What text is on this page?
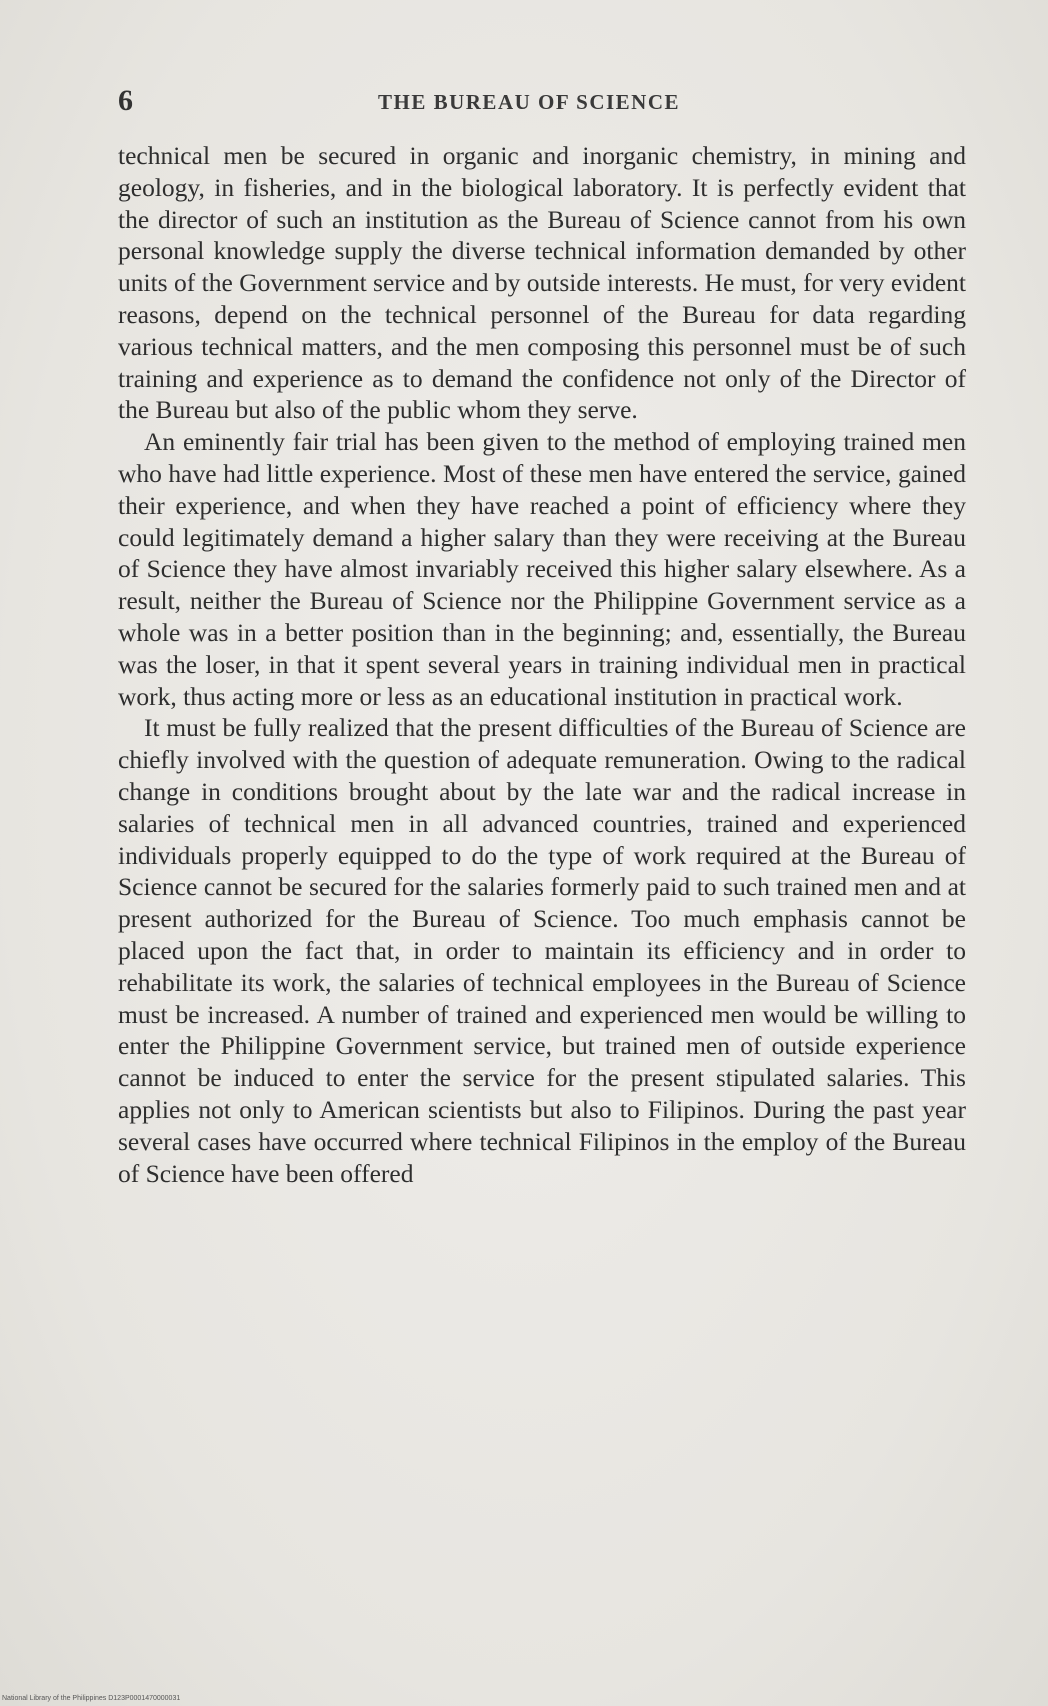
6	THE BUREAU OF SCIENCE

technical men be secured in organic and inorganic chemistry, in mining and geology, in fisheries, and in the biological laboratory. It is perfectly evident that the director of such an institution as the Bureau of Science cannot from his own personal knowledge supply the diverse technical information demanded by other units of the Government service and by outside interests. He must, for very evident reasons, depend on the technical personnel of the Bureau for data regarding various technical matters, and the men composing this personnel must be of such training and experience as to demand the confidence not only of the Director of the Bureau but also of the public whom they serve.

An eminently fair trial has been given to the method of employing trained men who have had little experience. Most of these men have entered the service, gained their experience, and when they have reached a point of efficiency where they could legitimately demand a higher salary than they were receiving at the Bureau of Science they have almost invariably received this higher salary elsewhere. As a result, neither the Bureau of Science nor the Philippine Government service as a whole was in a better position than in the beginning; and, essentially, the Bureau was the loser, in that it spent several years in training individual men in practical work, thus acting more or less as an educational institution in practical work.

It must be fully realized that the present difficulties of the Bureau of Science are chiefly involved with the question of adequate remuneration. Owing to the radical change in conditions brought about by the late war and the radical increase in salaries of technical men in all advanced countries, trained and experienced individuals properly equipped to do the type of work required at the Bureau of Science cannot be secured for the salaries formerly paid to such trained men and at present authorized for the Bureau of Science. Too much emphasis cannot be placed upon the fact that, in order to maintain its efficiency and in order to rehabilitate its work, the salaries of technical employees in the Bureau of Science must be increased. A number of trained and experienced men would be willing to enter the Philippine Government service, but trained men of outside experience cannot be induced to enter the service for the present stipulated salaries. This applies not only to American scientists but also to Filipinos. During the past year several cases have occurred where technical Filipinos in the employ of the Bureau of Science have been offered

National Library of the Philippines D123P0001470000031
